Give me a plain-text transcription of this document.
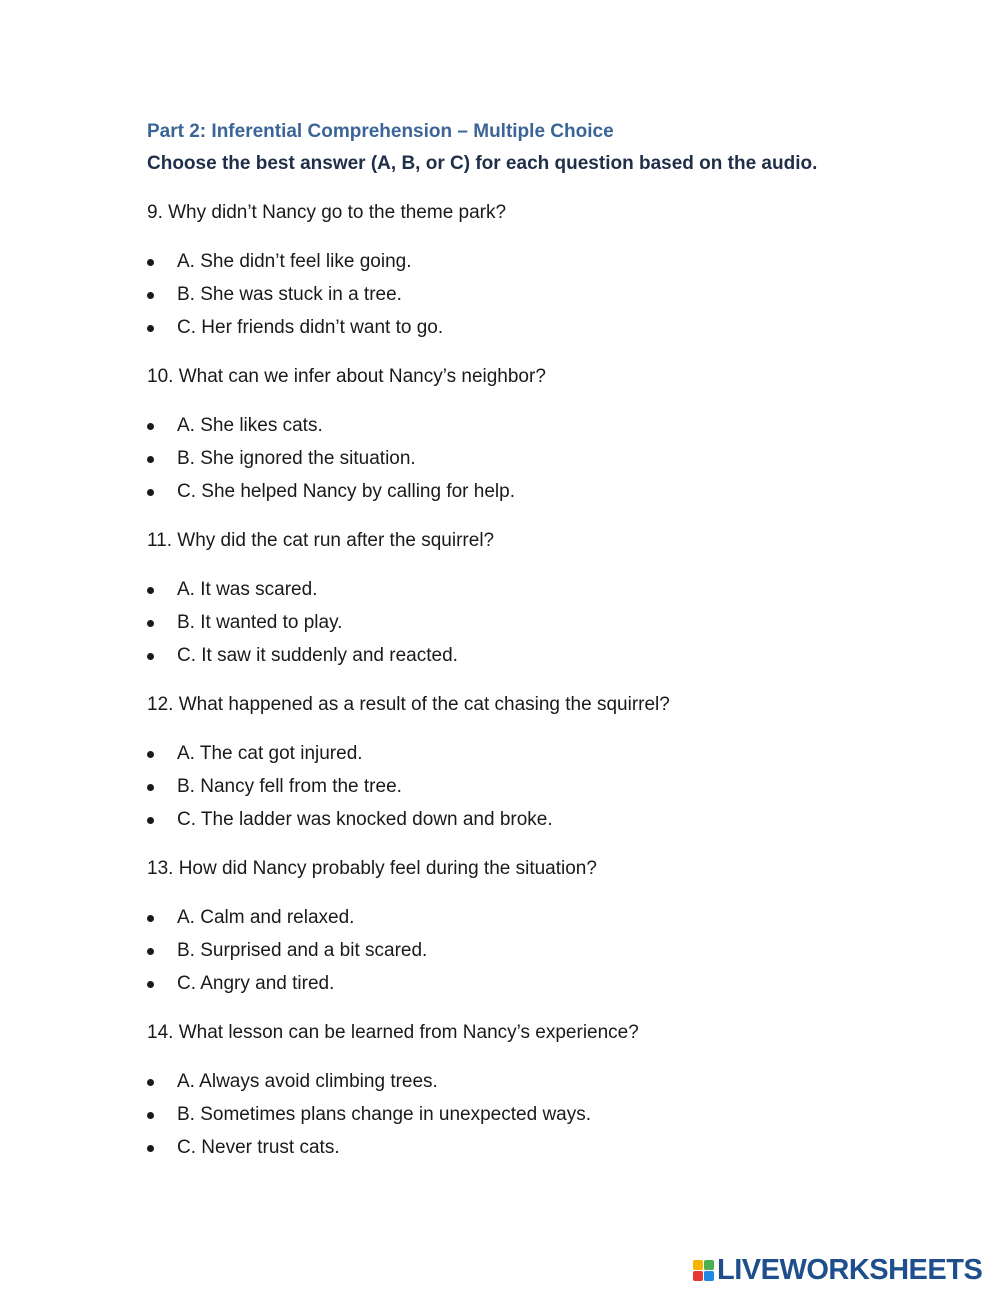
Part 2: Inferential Comprehension – Multiple Choice

Choose the best answer (A, B, or C) for each question based on the audio.

9. Why didn’t Nancy go to the theme park?

A. She didn’t feel like going.
B. She was stuck in a tree.
C. Her friends didn’t want to go.

10. What can we infer about Nancy’s neighbor?

A. She likes cats.
B. She ignored the situation.
C. She helped Nancy by calling for help.

11. Why did the cat run after the squirrel?

A. It was scared.
B. It wanted to play.
C. It saw it suddenly and reacted.

12. What happened as a result of the cat chasing the squirrel?

A. The cat got injured.
B. Nancy fell from the tree.
C. The ladder was knocked down and broke.

13. How did Nancy probably feel during the situation?

A. Calm and relaxed.
B. Surprised and a bit scared.
C. Angry and tired.

14. What lesson can be learned from Nancy’s experience?

A. Always avoid climbing trees.
B. Sometimes plans change in unexpected ways.
C. Never trust cats.
LIVEWORKSHEETS
